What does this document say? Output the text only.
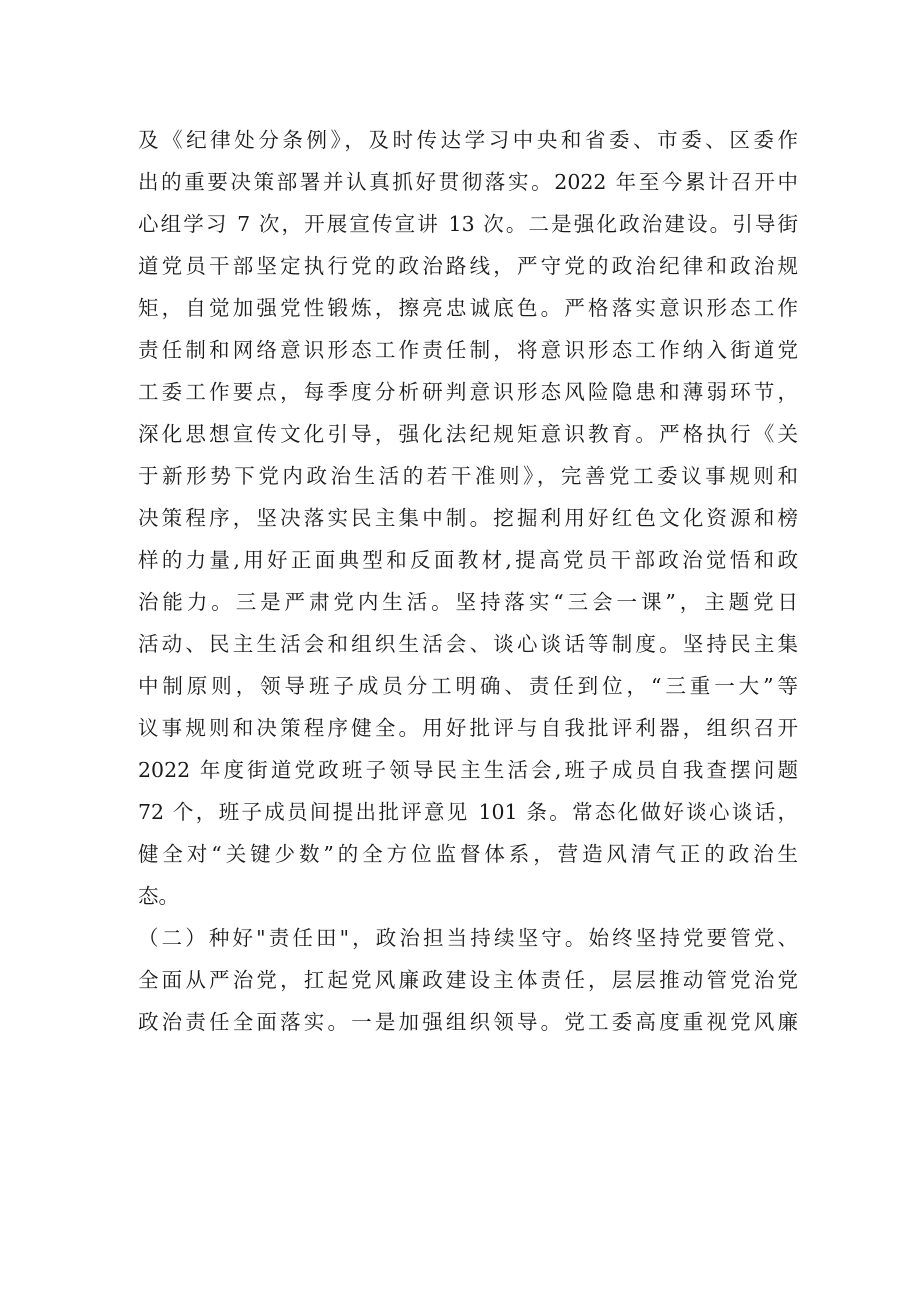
及《纪律处分条例》，及时传达学习中央和省委、市委、区委作
出的重要决策部署并认真抓好贯彻落实。2022 年至今累计召开中
心组学习 7 次，开展宣传宣讲 13 次。二是强化政治建设。引导街
道党员干部坚定执行党的政治路线，严守党的政治纪律和政治规
矩，自觉加强党性锻炼，擦亮忠诚底色。严格落实意识形态工作
责任制和网络意识形态工作责任制，将意识形态工作纳入街道党
工委工作要点，每季度分析研判意识形态风险隐患和薄弱环节，
深化思想宣传文化引导，强化法纪规矩意识教育。严格执行《关
于新形势下党内政治生活的若干准则》，完善党工委议事规则和
决策程序，坚决落实民主集中制。挖掘利用好红色文化资源和榜
样的力量,用好正面典型和反面教材,提高党员干部政治觉悟和政
治能力。三是严肃党内生活。坚持落实“三会一课”，主题党日
活动、民主生活会和组织生活会、谈心谈话等制度。坚持民主集
中制原则，领导班子成员分工明确、责任到位，“三重一大”等
议事规则和决策程序健全。用好批评与自我批评利器，组织召开
2022 年度街道党政班子领导民主生活会,班子成员自我查摆问题
72 个，班子成员间提出批评意见 101 条。常态化做好谈心谈话，
健全对“关键少数”的全方位监督体系，营造风清气正的政治生
态。
（二）种好"责任田"，政治担当持续坚守。始终坚持党要管党、
全面从严治党，扛起党风廉政建设主体责任，层层推动管党治党
政治责任全面落实。一是加强组织领导。党工委高度重视党风廉
